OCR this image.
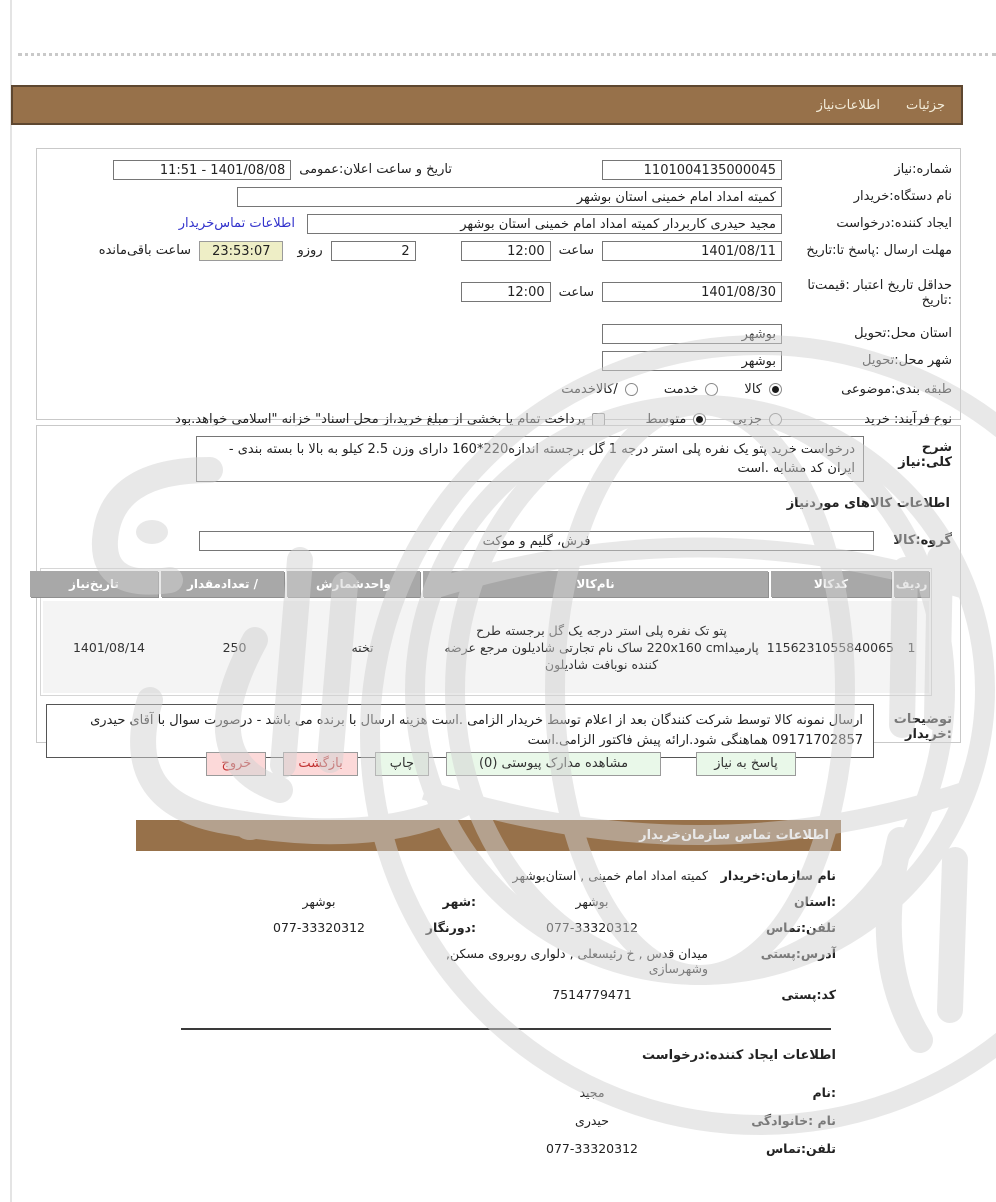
جزئیات
اطلاعات‌نیاز
شماره:نیاز
1101004135000045
تاریخ و ساعت اعلان:عمومی
1401/08/08 - 11:51
نام دستگاه:خریدار
کمیته امداد امام خمینی استان بوشهر
ایجاد کننده:درخواست
مجید حیدری کاربردار کمیته امداد امام خمینی استان بوشهر
اطلاعات تماس‌خریدار
مهلت ارسال :پاسخ تا:تاریخ
1401/08/11
ساعت
12:00
2
روزو
23:53:07
ساعت باقی‌مانده
حداقل تاریخ اعتبار :قیمت‌تا
:تاریخ
1401/08/30
ساعت
12:00
استان محل:تحویل
بوشهر
شهر محل:تحویل
بوشهر
طبقه بندی:موضوعی
کالا
خدمت
/کالاخدمت
نوع فرآیند: خرید
جزیی
متوسط
پرداخت تمام یا بخشی از مبلغ خرید،از محل اسناد" خزانه "اسلامی خواهد.بود
شرح کلی:نیاز
درخواست خرید پتو یک نفره پلی استر درجه 1 گل برجسته اندازه220*160 دارای وزن 2.5 کیلو به بالا با بسته بندی - ایران کد مشابه .است
اطلاعات کالاهای موردنیاز
گروه:کالا
فرش، گلیم و موکت
ردیف
کدکالا
نام‌کالا
واحدشمارش
/ تعدادمقدار
تاریخ‌نیاز
1
1156231055840065
پتو تک نفره پلی استر درجه یک گل برجسته طرح پارمیدا220x160 cm ساک نام تجارتی شادیلون مرجع عرضه کننده نوبافت شادیلون
تخته
250
1401/08/14
توضیحات
:خریدار
ارسال نمونه کالا توسط شرکت کنندگان بعد از اعلام توسط خریدار الزامی .است هزینه ارسال با برنده می باشد - درصورت سوال با آقای حیدری 09171702857 هماهنگی شود.ارائه پیش فاکتور الزامی.است
پاسخ به نیاز
مشاهده مدارک پیوستی (0)
چاپ
بازگشت
خروج
اطلاعات تماس سازمان‌خریدار
نام سازمان:خریدار
کمیته امداد امام خمینی , استان‌بوشهر
:استان
بوشهر
:شهر
بوشهر
تلفن:تماس
077-33320312
:دورنگار
077-33320312
آدرس:پستی
میدان قدس , خ رئیسعلی , دلواری روبروی مسکن, وشهرسازی
کد:پستی
7514779471
اطلاعات ایجاد کننده:درخواست
:نام
مجید
نام :خانوادگی
حیدری
تلفن:تماس
077-33320312
